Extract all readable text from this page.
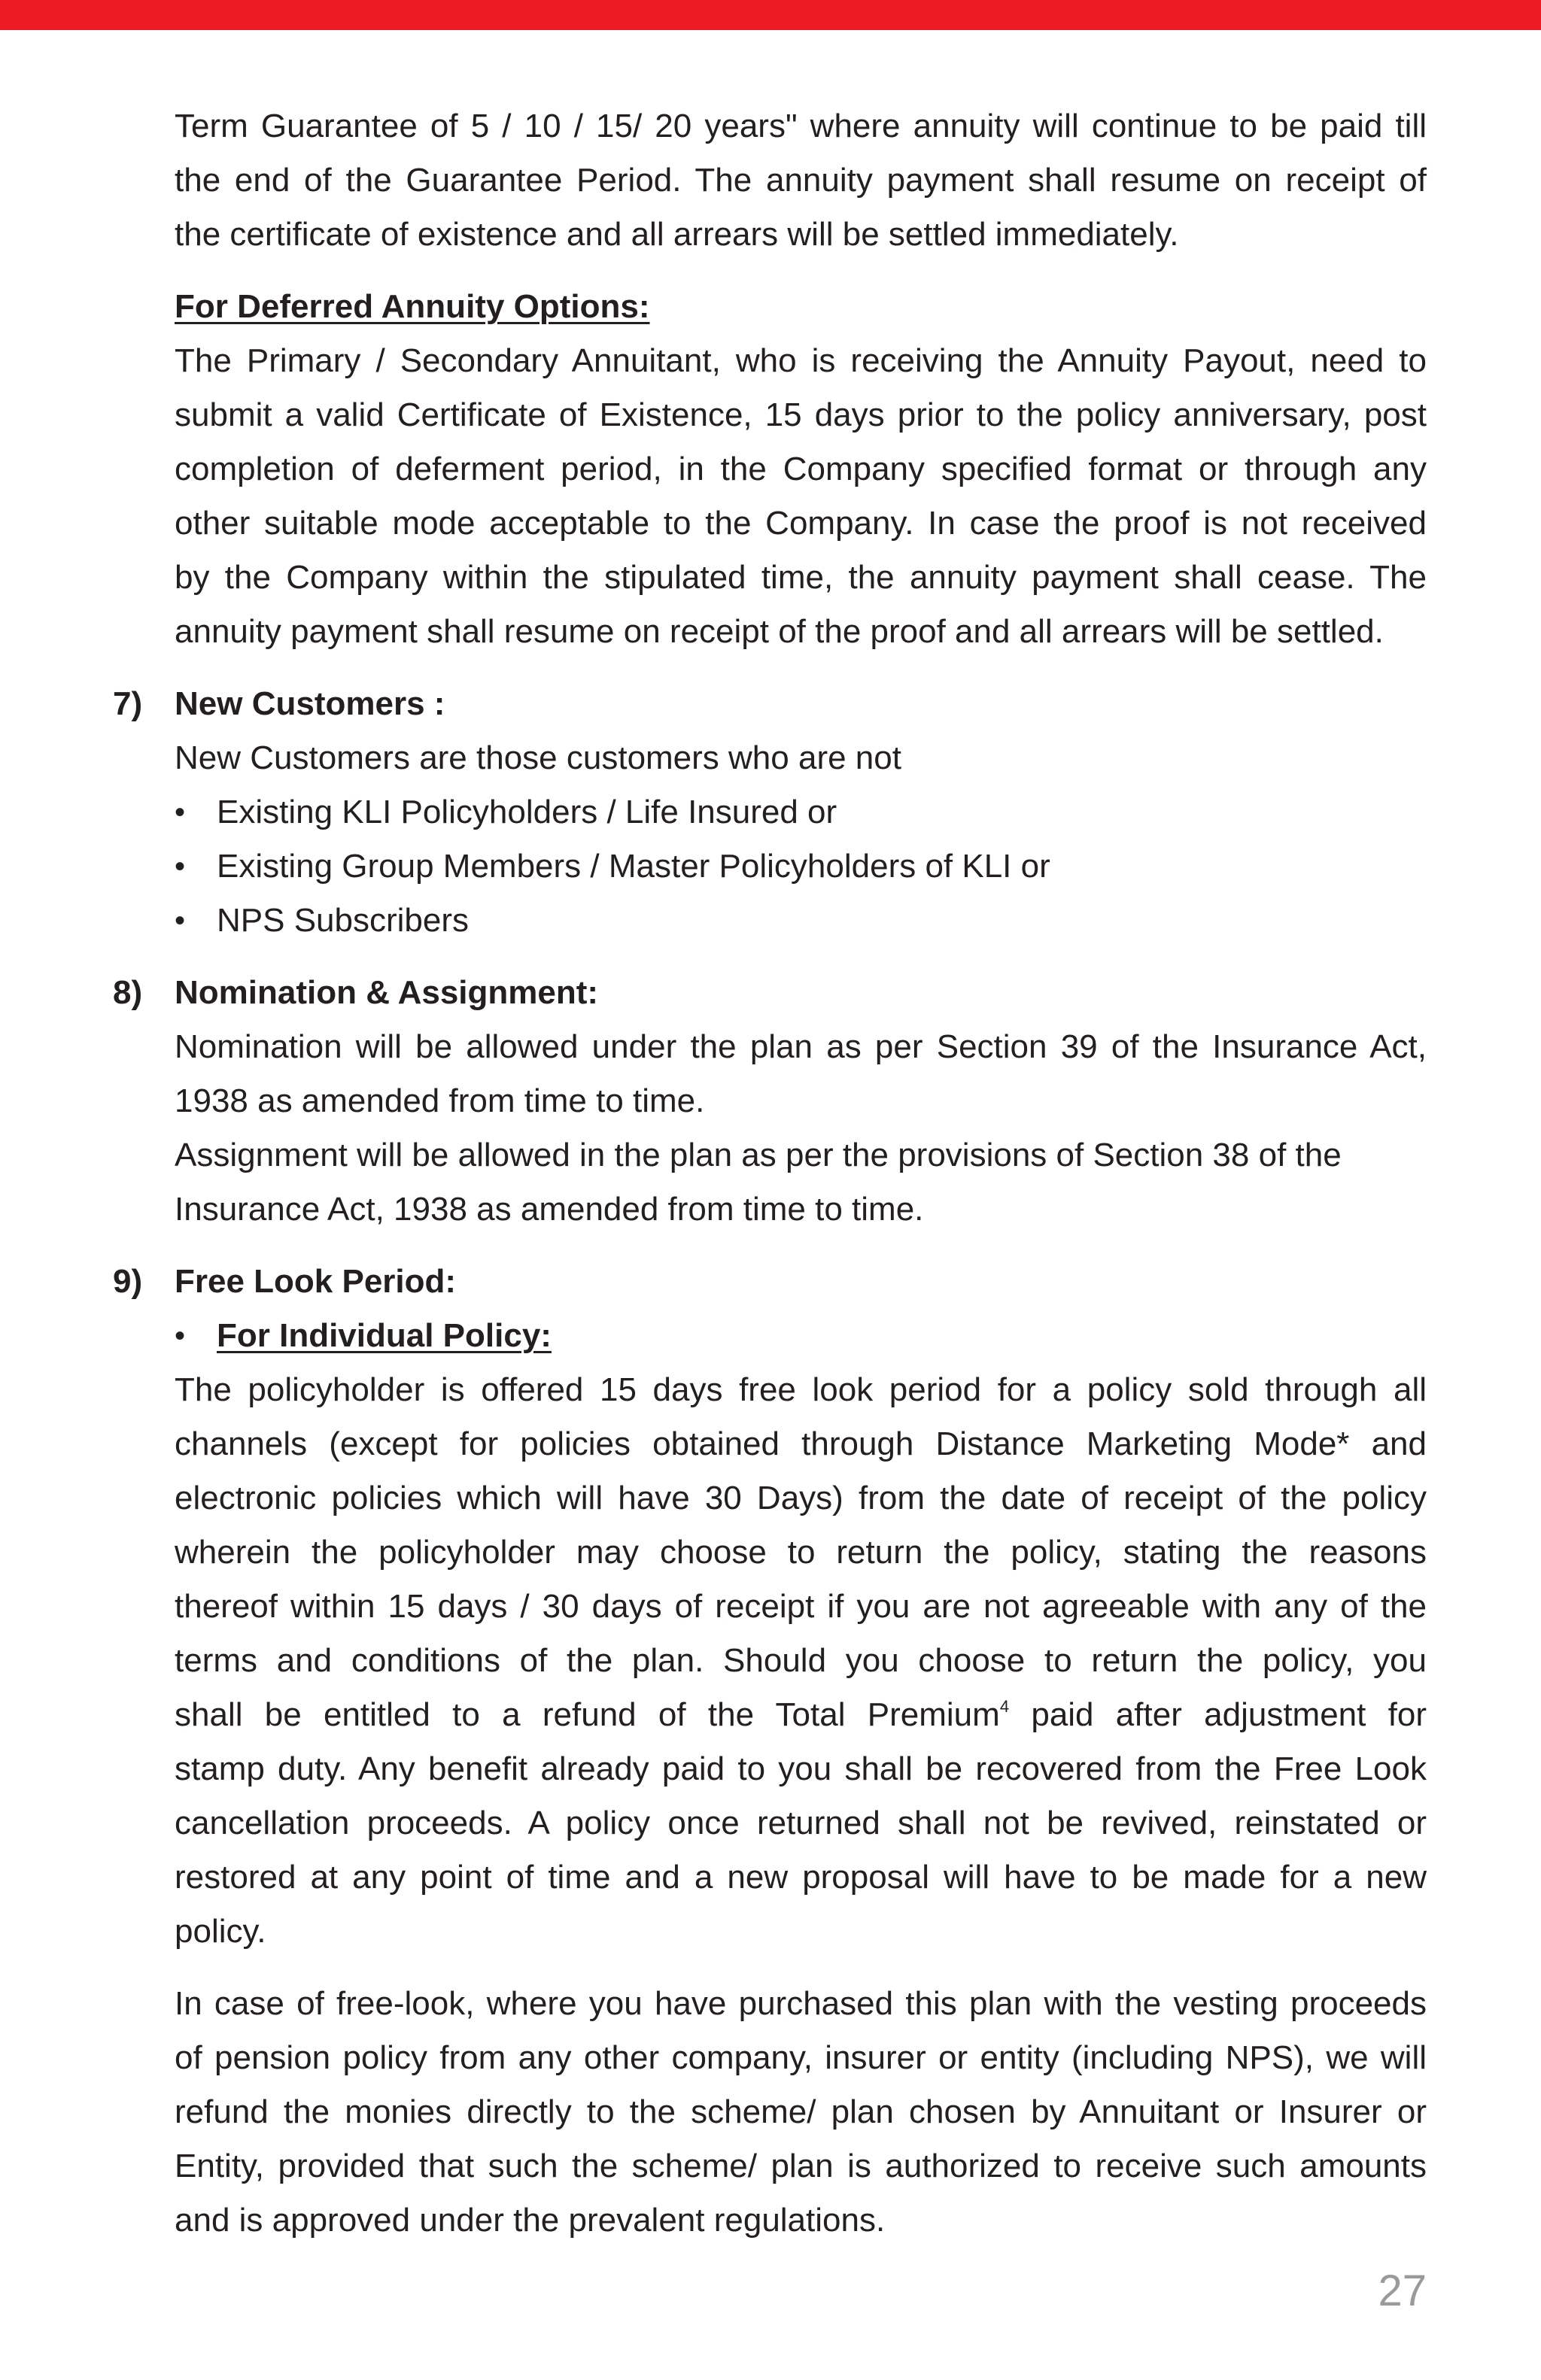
Term Guarantee of 5 / 10 / 15/ 20 years" where annuity will continue to be paid till
the end of the Guarantee Period. The annuity payment shall resume on receipt of
the certificate of existence and all arrears will be settled immediately.
For Deferred Annuity Options:
The Primary / Secondary Annuitant, who is receiving the Annuity Payout, need to
submit a valid Certificate of Existence, 15 days prior to the policy anniversary, post
completion of deferment period, in the Company specified format or through any
other suitable mode acceptable to the Company. In case the proof is not received
by the Company within the stipulated time, the annuity payment shall cease. The
annuity payment shall resume on receipt of the proof and all arrears will be settled.
7) New Customers :
New Customers are those customers who are not
• Existing KLI Policyholders / Life Insured or
• Existing Group Members / Master Policyholders of KLI or
• NPS Subscribers
8) Nomination & Assignment:
Nomination will be allowed under the plan as per Section 39 of the Insurance Act,
1938 as amended from time to time.
Assignment will be allowed in the plan as per the provisions of Section 38 of the
Insurance Act, 1938 as amended from time to time.
9) Free Look Period:
• For Individual Policy:
The policyholder is offered 15 days free look period for a policy sold through all
channels (except for policies obtained through Distance Marketing Mode* and
electronic policies which will have 30 Days) from the date of receipt of the policy
wherein the policyholder may choose to return the policy, stating the reasons
thereof within 15 days / 30 days of receipt if you are not agreeable with any of the
terms and conditions of the plan. Should you choose to return the policy, you
shall be entitled to a refund of the Total Premium$^4$ paid after adjustment for
stamp duty. Any benefit already paid to you shall be recovered from the Free Look
cancellation proceeds. A policy once returned shall not be revived, reinstated or
restored at any point of time and a new proposal will have to be made for a new
policy.
In case of free-look, where you have purchased this plan with the vesting proceeds
of pension policy from any other company, insurer or entity (including NPS), we will
refund the monies directly to the scheme/ plan chosen by Annuitant or Insurer or
Entity, provided that such the scheme/ plan is authorized to receive such amounts
and is approved under the prevalent regulations.
27
